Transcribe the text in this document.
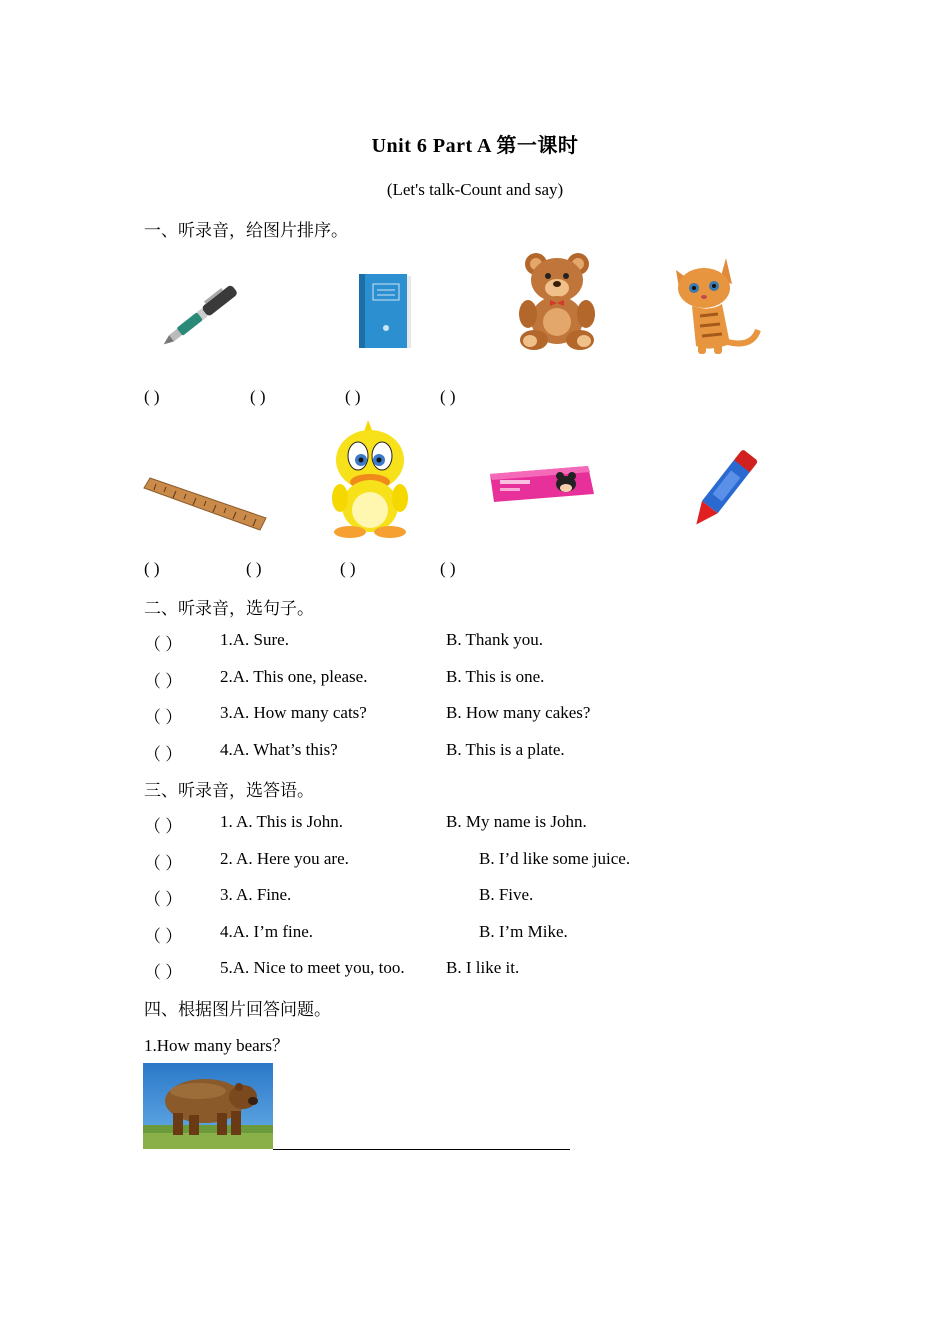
Unit 6 Part A 第一课时
(Let's talk-Count and say)
一、听录音，给图片排序。
( )	( )	( )	( )
( )	( )	( )	( )
二、听录音，选句子。
（ ） 1.A. Sure.	B. Thank you.
（ ） 2.A. This one, please.	B. This is one.
（ ） 3.A. How many cats?	B. How many cakes?
（ ） 4.A. What’s this?	B. This is a plate.
三、听录音，选答语。
（ ） 1. A. This is John.	B. My name is John.
（ ） 2. A. Here you are.	B. I’d like some juice.
（ ） 3. A. Fine.	B. Five.
（ ） 4.A. I’m fine.	B. I’m Mike.
（ ） 5.A. Nice to meet you, too. B. I like it.
四、根据图片回答问题。
1.How many bears？
